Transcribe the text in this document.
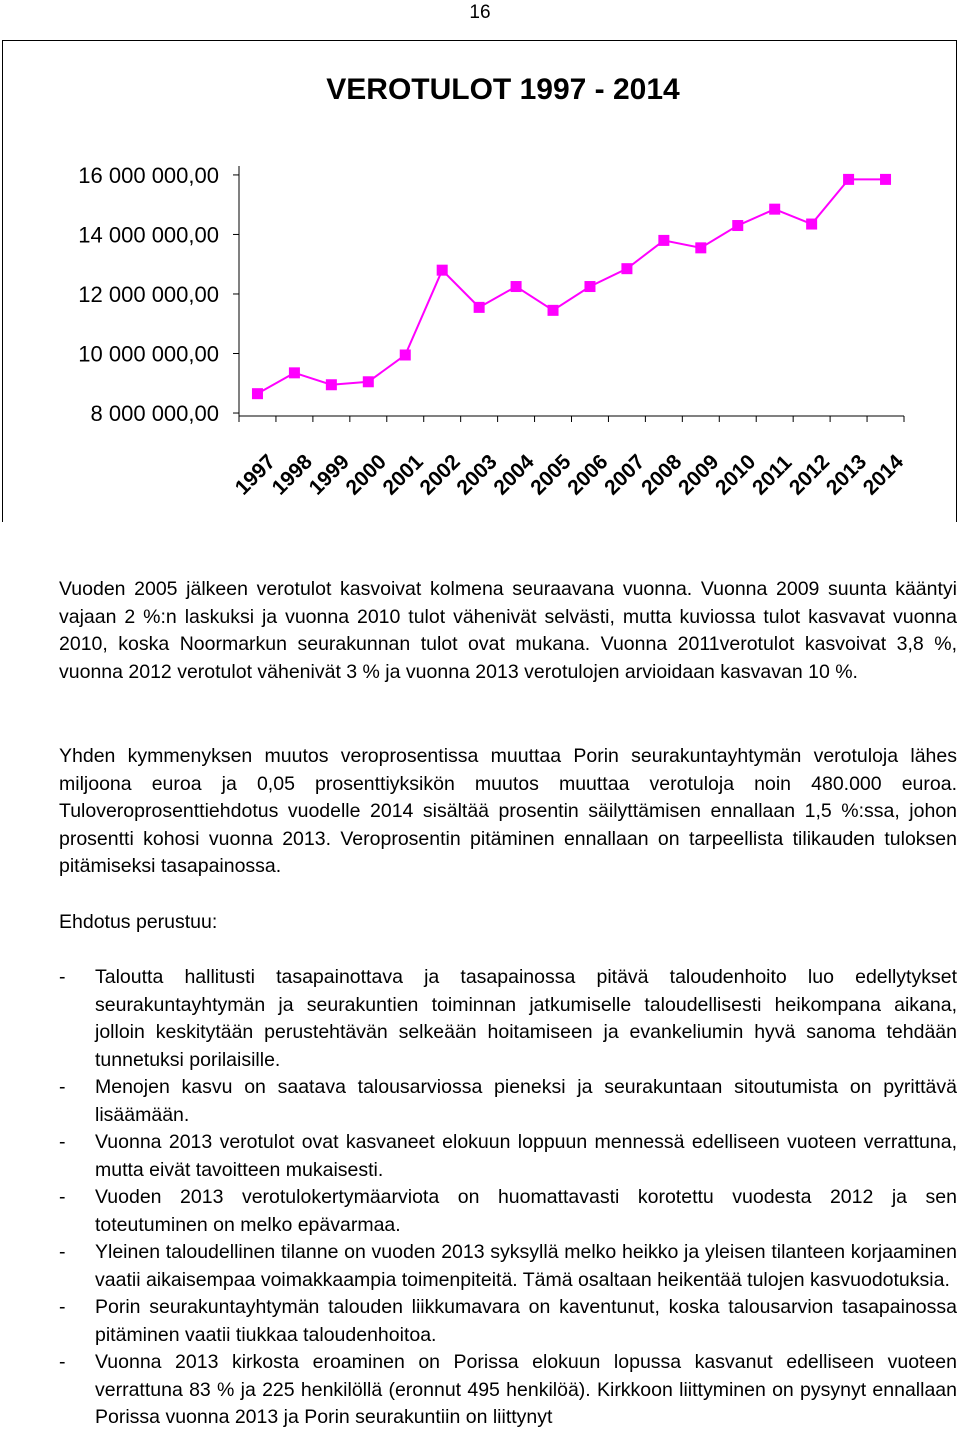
16
VEROTULOT 1997 - 2014
8 000 000,00
10 000 000,00
12 000 000,00
14 000 000,00
16 000 000,00
1997
1998
1999
2000
2001
2002
2003
2004
2005
2006
2007
2008
2009
2010
2011
2012
2013
2014
Vuoden 2005 jälkeen verotulot kasvoivat kolmena seuraavana vuonna. Vuonna 2009 suunta kääntyi vajaan 2 %:n laskuksi ja vuonna 2010 tulot vähenivät selvästi, mutta kuviossa tulot kasvavat vuonna 2010, koska Noormarkun seurakunnan tulot ovat mukana. Vuonna 2011verotulot kasvoivat 3,8 %, vuonna 2012 verotulot vähenivät 3 % ja vuonna 2013 verotulojen arvioidaan kasvavan 10 %.
Yhden kymmenyksen muutos veroprosentissa muuttaa Porin seurakuntayhtymän verotuloja lähes miljoona euroa ja 0,05 prosenttiyksikön muutos muuttaa verotuloja noin 480.000 euroa. Tuloveroprosenttiehdotus vuodelle 2014 sisältää prosentin säilyttämisen ennallaan 1,5 %:ssa, johon prosentti kohosi vuonna 2013. Veroprosentin pitäminen ennallaan on tarpeellista tilikauden tuloksen pitämiseksi tasapainossa.
Ehdotus perustuu:
- Taloutta hallitusti tasapainottava ja tasapainossa pitävä taloudenhoito luo edellytykset seurakuntayhtymän ja seurakuntien toiminnan jatkumiselle taloudellisesti heikompana aikana, jolloin keskitytään perustehtävän selkeään hoitamiseen ja evankeliumin hyvä sanoma tehdään tunnetuksi porilaisille.
- Menojen kasvu on saatava talousarviossa pieneksi ja seurakuntaan sitoutumista on pyrittävä lisäämään.
- Vuonna 2013 verotulot ovat kasvaneet elokuun loppuun mennessä edelliseen vuoteen verrattuna, mutta eivät tavoitteen mukaisesti.
- Vuoden 2013 verotulokertymäarviota on huomattavasti korotettu vuodesta 2012 ja sen toteutuminen on melko epävarmaa.
- Yleinen taloudellinen tilanne on vuoden 2013 syksyllä melko heikko ja yleisen tilanteen korjaaminen vaatii aikaisempaa voimakkaampia toimenpiteitä. Tämä osaltaan heikentää tulojen kasvuodotuksia.
- Porin seurakuntayhtymän talouden liikkumavara on kaventunut, koska talousarvion tasapainossa pitäminen vaatii tiukkaa taloudenhoitoa.
- Vuonna 2013 kirkosta eroaminen on Porissa elokuun lopussa kasvanut edelliseen vuoteen verrattuna 83 % ja 225 henkilöllä (eronnut 495 henkilöä). Kirkkoon liittyminen on pysynyt ennallaan Porissa vuonna 2013 ja Porin seurakuntiin on liittynyt
